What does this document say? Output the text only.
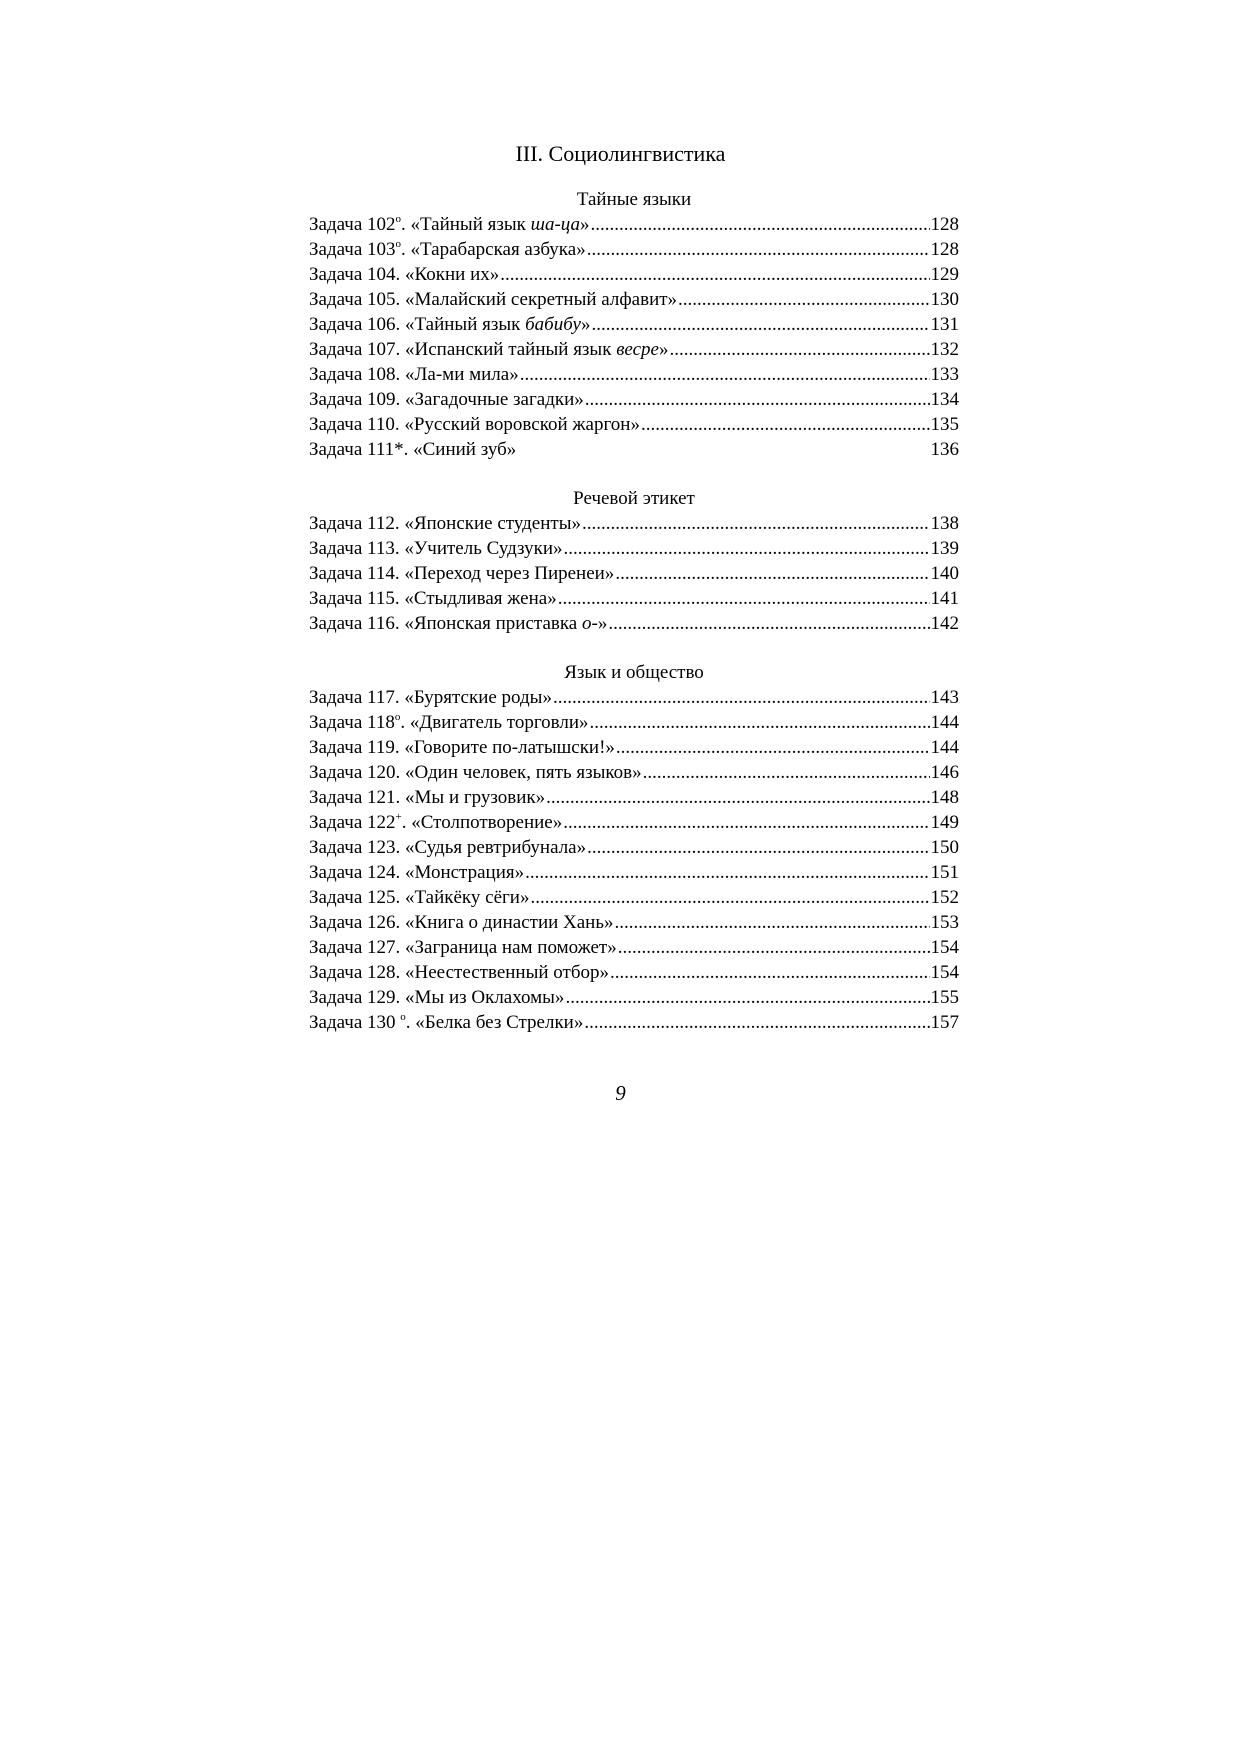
III. Социолингвистика
Тайные языки
Задача $102^о$. «Тайный язык ша-ца» .....	128
Задача $103^о$. «Тарабарская азбука» .....	128
Задача 104. «Кокни их» .....	129
Задача 105. «Малайский секретный алфавит» .....	130
Задача 106. «Тайный язык бабибу» .....	131
Задача 107. «Испанский тайный язык весре» .....	132
Задача 108. «Ла-ми мила» .....	133
Задача 109. «Загадочные загадки» .....	134
Задача 110. «Русский воровской жаргон» .....	135
Задача 111*. «Синий зуб»	136
Речевой этикет
Задача 112. «Японские студенты» .....	138
Задача 113. «Учитель Судзуки» .....	139
Задача 114. «Переход через Пиренеи» .....	140
Задача 115. «Стыдливая жена» .....	141
Задача 116. «Японская приставка о-» .....	142
Язык и общество
Задача 117. «Бурятские роды» .....	143
Задача $118^о$. «Двигатель торговли» .....	144
Задача 119. «Говорите по-латышски!» .....	144
Задача 120. «Один человек, пять языков» .....	146
Задача 121. «Мы и грузовик» .....	148
Задача 122+. «Столпотворение» .....	149
Задача 123. «Судья ревтрибунала» .....	150
Задача 124. «Монстрация» .....	151
Задача 125. «Тайкёку сёги» .....	152
Задача 126. «Книга о династии Хань» .....	153
Задача 127. «Заграница нам поможет» .....	154
Задача 128. «Неестественный отбор» .....	154
Задача 129. «Мы из Оклахомы» .....	155
Задача 130 $^о$. «Белка без Стрелки» .....	157
9
